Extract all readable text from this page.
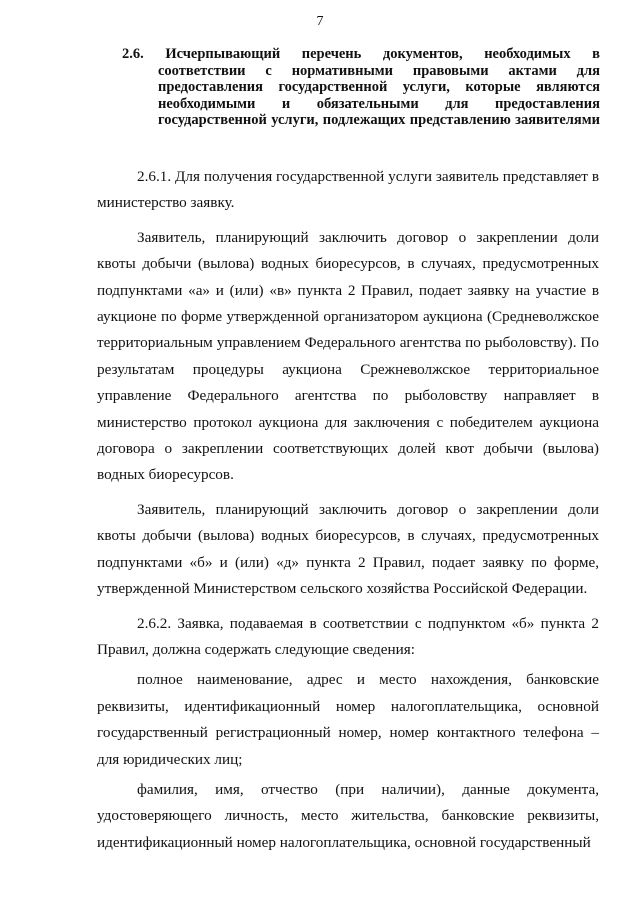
7
2.6. Исчерпывающий перечень документов, необходимых в соответствии с нормативными правовыми актами для предоставления государственной услуги, которые являются необходимыми и обязательными для предоставления государственной услуги, подлежащих представлению заявителями

2.6.1. Для получения государственной услуги заявитель представляет в министерство заявку.

Заявитель, планирующий заключить договор о закреплении доли квоты добычи (вылова) водных биоресурсов, в случаях, предусмотренных подпунктами «а» и (или) «в» пункта 2 Правил, подает заявку на участие в аукционе по форме утвержденной организатором аукциона (Средневолжское территориальным управлением Федерального агентства по рыболовству). По результатам процедуры аукциона Срежневолжское территориальное управление Федерального агентства по рыболовству направляет в министерство протокол аукциона для заключения с победителем аукциона договора о закреплении соответствующих долей квот добычи (вылова) водных биоресурсов.

Заявитель, планирующий заключить договор о закреплении доли квоты добычи (вылова) водных биоресурсов, в случаях, предусмотренных подпунктами «б» и (или) «д» пункта 2 Правил, подает заявку по форме, утвержденной Министерством сельского хозяйства Российской Федерации.

2.6.2. Заявка, подаваемая в соответствии с подпунктом «б» пункта 2 Правил, должна содержать следующие сведения:

полное наименование, адрес и место нахождения, банковские реквизиты, идентификационный номер налогоплательщика, основной государственный регистрационный номер, номер контактного телефона – для юридических лиц;

фамилия, имя, отчество (при наличии), данные документа, удостоверяющего личность, место жительства, банковские реквизиты, идентификационный номер налогоплательщика, основной государственный
